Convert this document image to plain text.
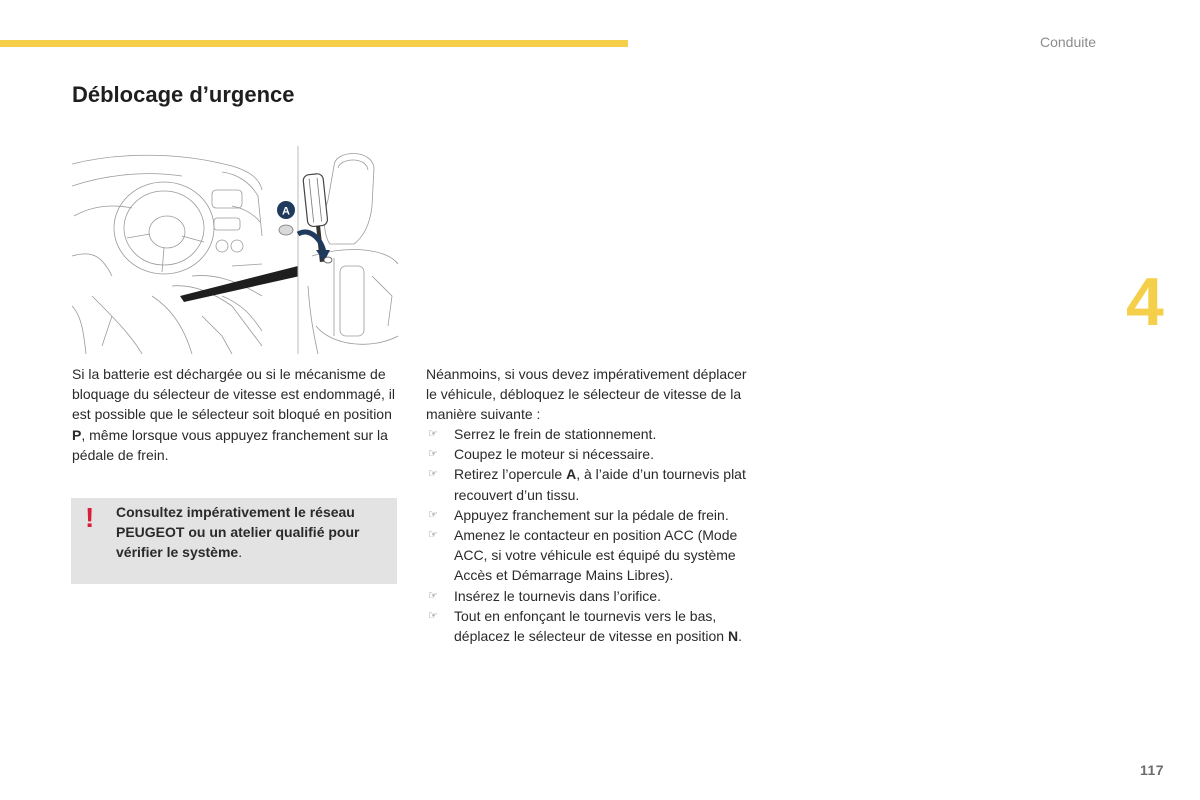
Conduite
4
Déblocage d’urgence
A

Si la batterie est déchargée ou si le mécanisme de bloquage du sélecteur de vitesse est endommagé, il est possible que le sélecteur soit bloqué en position P, même lorsque vous appuyez franchement sur la pédale de frein.

! Consultez impérativement le réseau PEUGEOT ou un atelier qualifié pour vérifier le système.

Néanmoins, si vous devez impérativement déplacer le véhicule, débloquez le sélecteur de vitesse de la manière suivante :

☞ Serrez le frein de stationnement.
☞ Coupez le moteur si nécessaire.
☞ Retirez l’opercule A, à l’aide d’un tournevis plat recouvert d’un tissu.
☞ Appuyez franchement sur la pédale de frein.
☞ Amenez le contacteur en position ACC (Mode ACC, si votre véhicule est équipé du système Accès et Démarrage Mains Libres).
☞ Insérez le tournevis dans l’orifice.
☞ Tout en enfonçant le tournevis vers le bas, déplacez le sélecteur de vitesse en position N.
117
